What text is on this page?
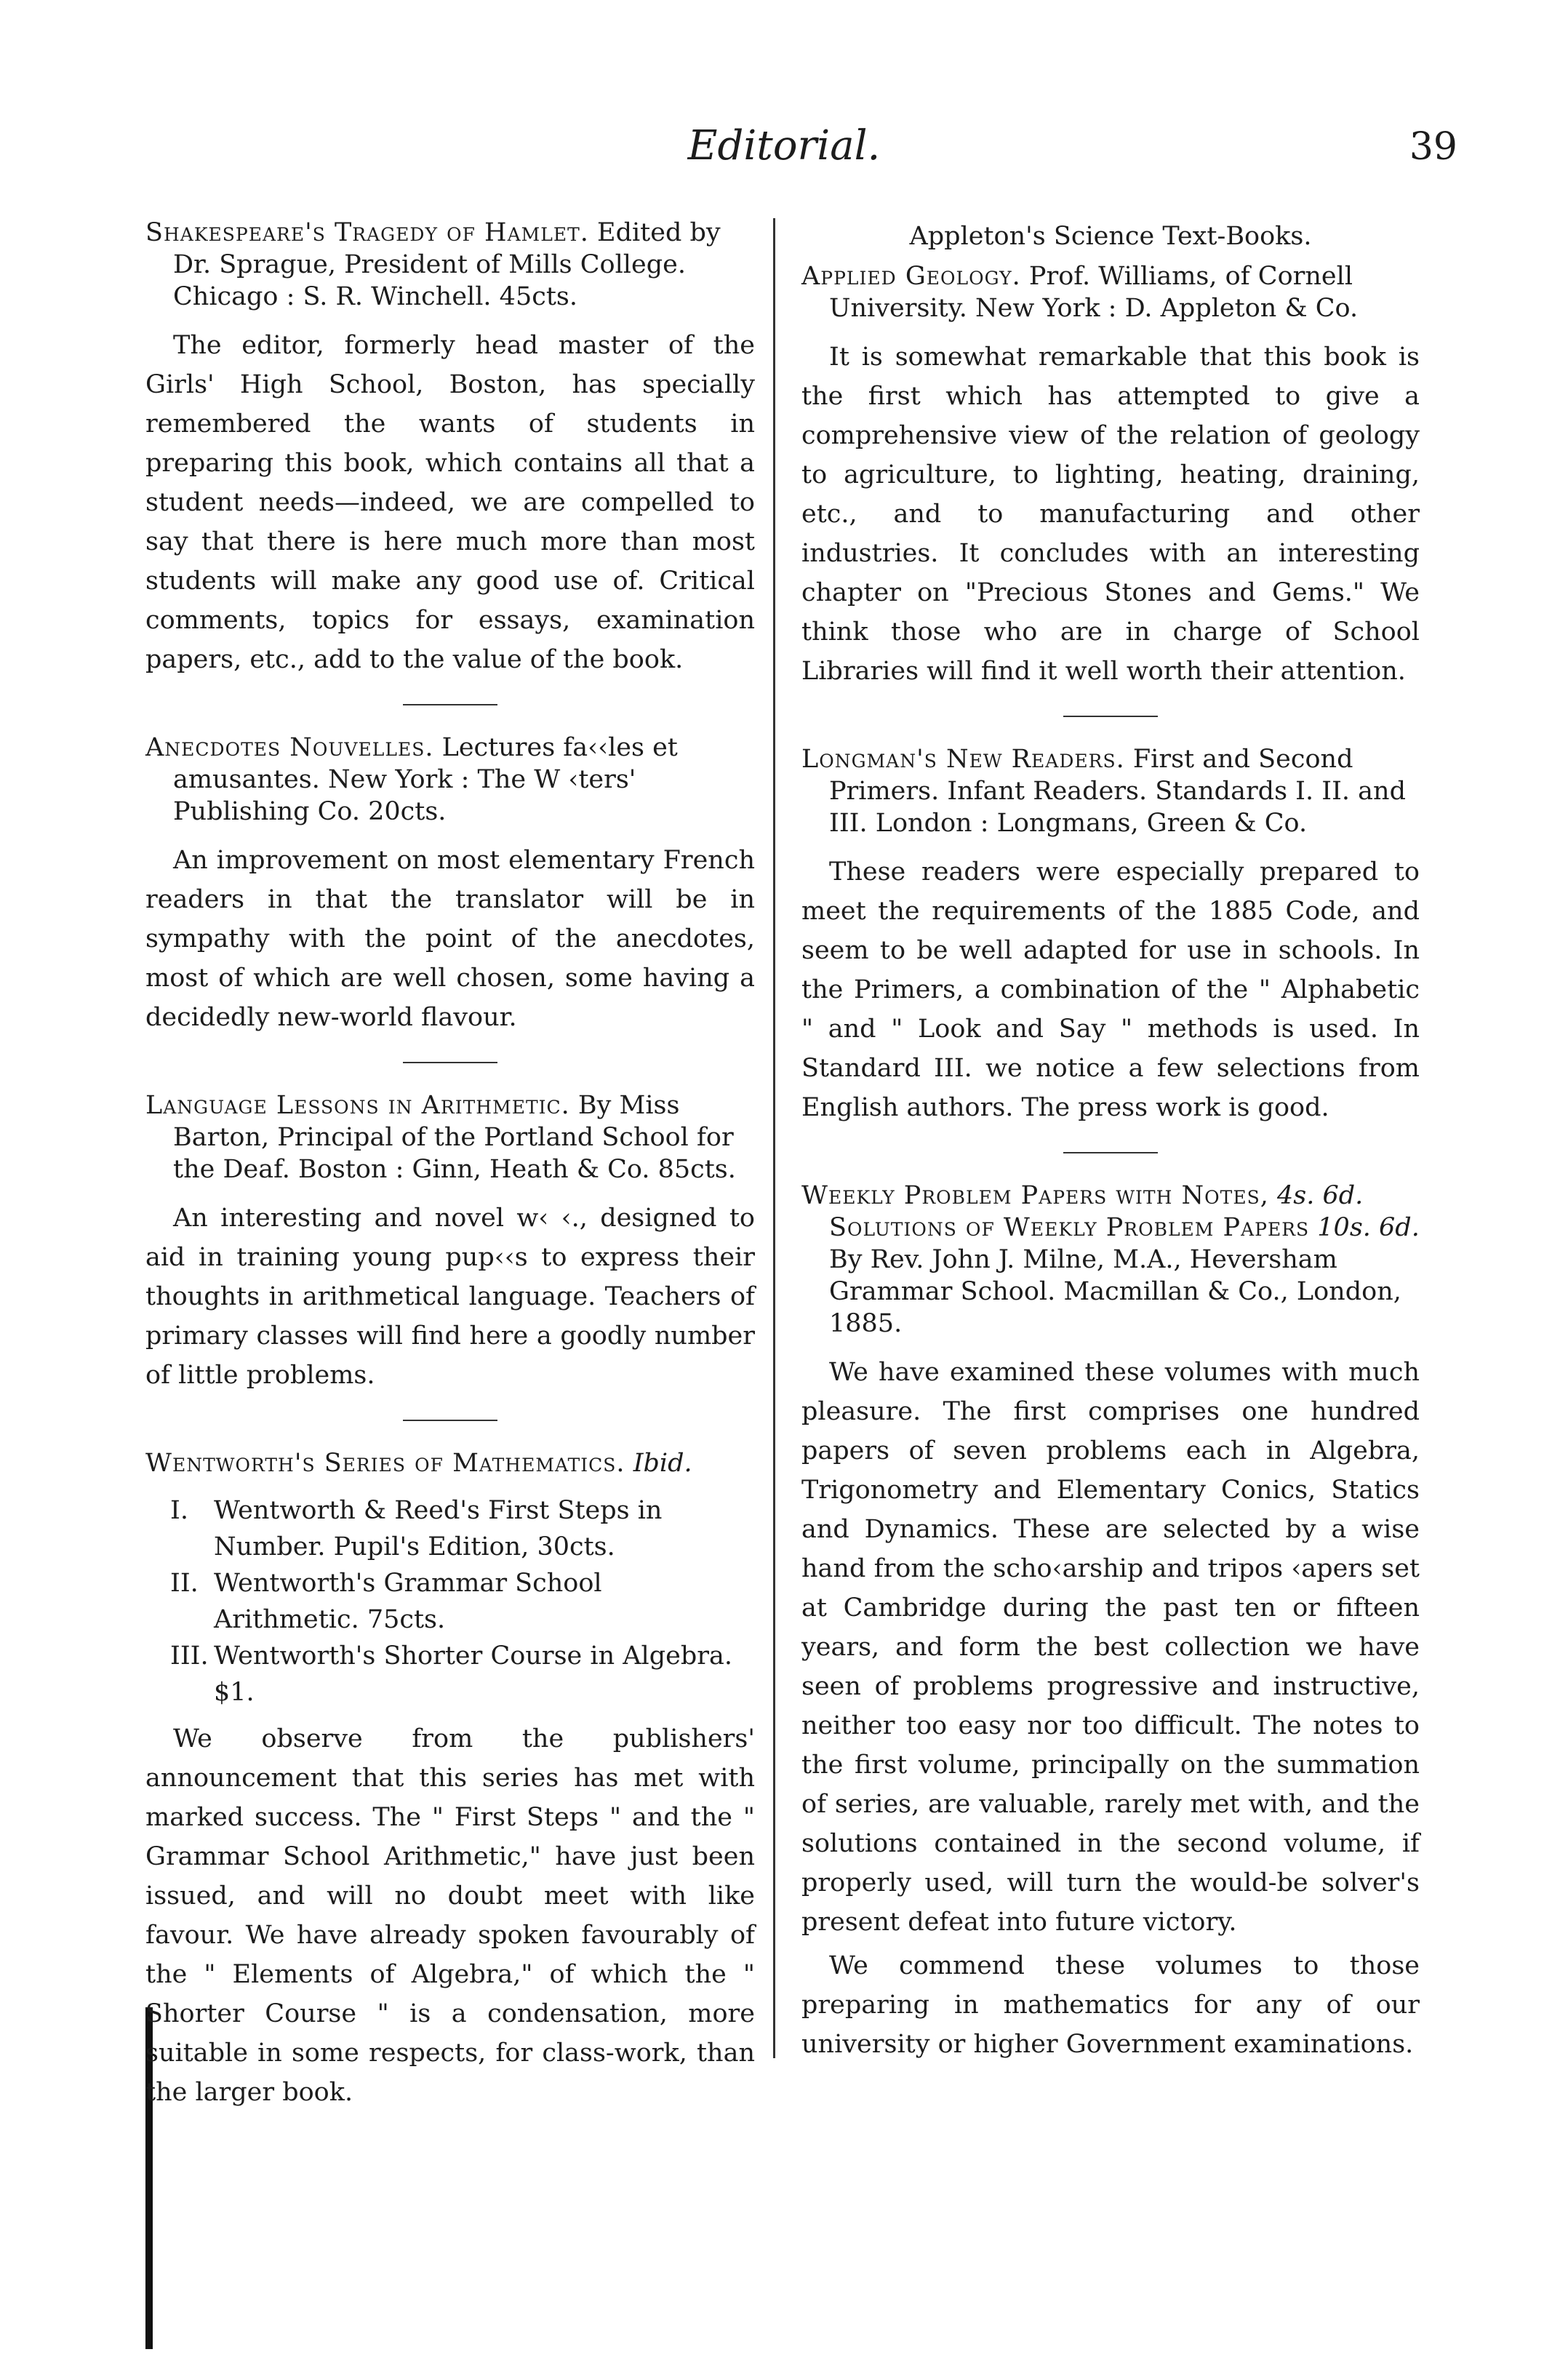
Editorial.	39
Shakespeare's Tragedy of Hamlet. Edited by Dr. Sprague, President of Mills College. Chicago : S. R. Winchell. 45cts.

The editor, formerly head master of the Girls' High School, Boston, has specially remembered the wants of students in preparing this book, which contains all that a student needs—indeed, we are compelled to say that there is here much more than most students will make any good use of. Critical comments, topics for essays, examination papers, etc., add to the value of the book.

Anecdotes Nouvelles. Lectures fa‹‹les et amusantes. New York : The W ‹ters' Publishing Co. 20cts.

An improvement on most elementary French readers in that the translator will be in sympathy with the point of the anecdotes, most of which are well chosen, some having a decidedly new-world flavour.

Language Lessons in Arithmetic. By Miss Barton, Principal of the Portland School for the Deaf. Boston : Ginn, Heath & Co. 85cts.

An interesting and novel w‹ ‹., designed to aid in training young pup‹‹s to express their thoughts in arithmetical language. Teachers of primary classes will find here a goodly number of little problems.

Wentworth's Series of Mathematics. Ibid.
I. Wentworth & Reed's First Steps in Number. Pupil's Edition, 30cts.
II. Wentworth's Grammar School Arithmetic. 75cts.
III. Wentworth's Shorter Course in Algebra. $1.

We observe from the publishers' announcement that this series has met with marked success. The " First Steps " and the " Grammar School Arithmetic," have just been issued, and will no doubt meet with like favour. We have already spoken favourably of the " Elements of Algebra," of which the " Shorter Course " is a condensation, more suitable in some respects, for class-work, than the larger book.

Appleton's Science Text-Books.
Applied Geology. Prof. Williams, of Cornell University. New York : D. Appleton & Co.

It is somewhat remarkable that this book is the first which has attempted to give a comprehensive view of the relation of geology to agriculture, to lighting, heating, draining, etc., and to manufacturing and other industries. It concludes with an interesting chapter on "Precious Stones and Gems." We think those who are in charge of School Libraries will find it well worth their attention.

Longman's New Readers. First and Second Primers. Infant Readers. Standards I. II. and III. London : Longmans, Green & Co.

These readers were especially prepared to meet the requirements of the 1885 Code, and seem to be well adapted for use in schools. In the Primers, a combination of the " Alphabetic " and " Look and Say " methods is used. In Standard III. we notice a few selections from English authors. The press work is good.

Weekly Problem Papers with Notes, 4s. 6d. Solutions of Weekly Problem Papers 10s. 6d. By Rev. John J. Milne, M.A., Heversham Grammar School. Macmillan & Co., London, 1885.

We have examined these volumes with much pleasure. The first comprises one hundred papers of seven problems each in Algebra, Trigonometry and Elementary Conics, Statics and Dynamics. These are selected by a wise hand from the scho‹arship and tripos ‹apers set at Cambridge during the past ten or fifteen years, and form the best collection we have seen of problems progressive and instructive, neither too easy nor too difficult. The notes to the first volume, principally on the summation of series, are valuable, rarely met with, and the solutions contained in the second volume, if properly used, will turn the would-be solver's present defeat into future victory.

We commend these volumes to those preparing in mathematics for any of our university or higher Government examinations.
